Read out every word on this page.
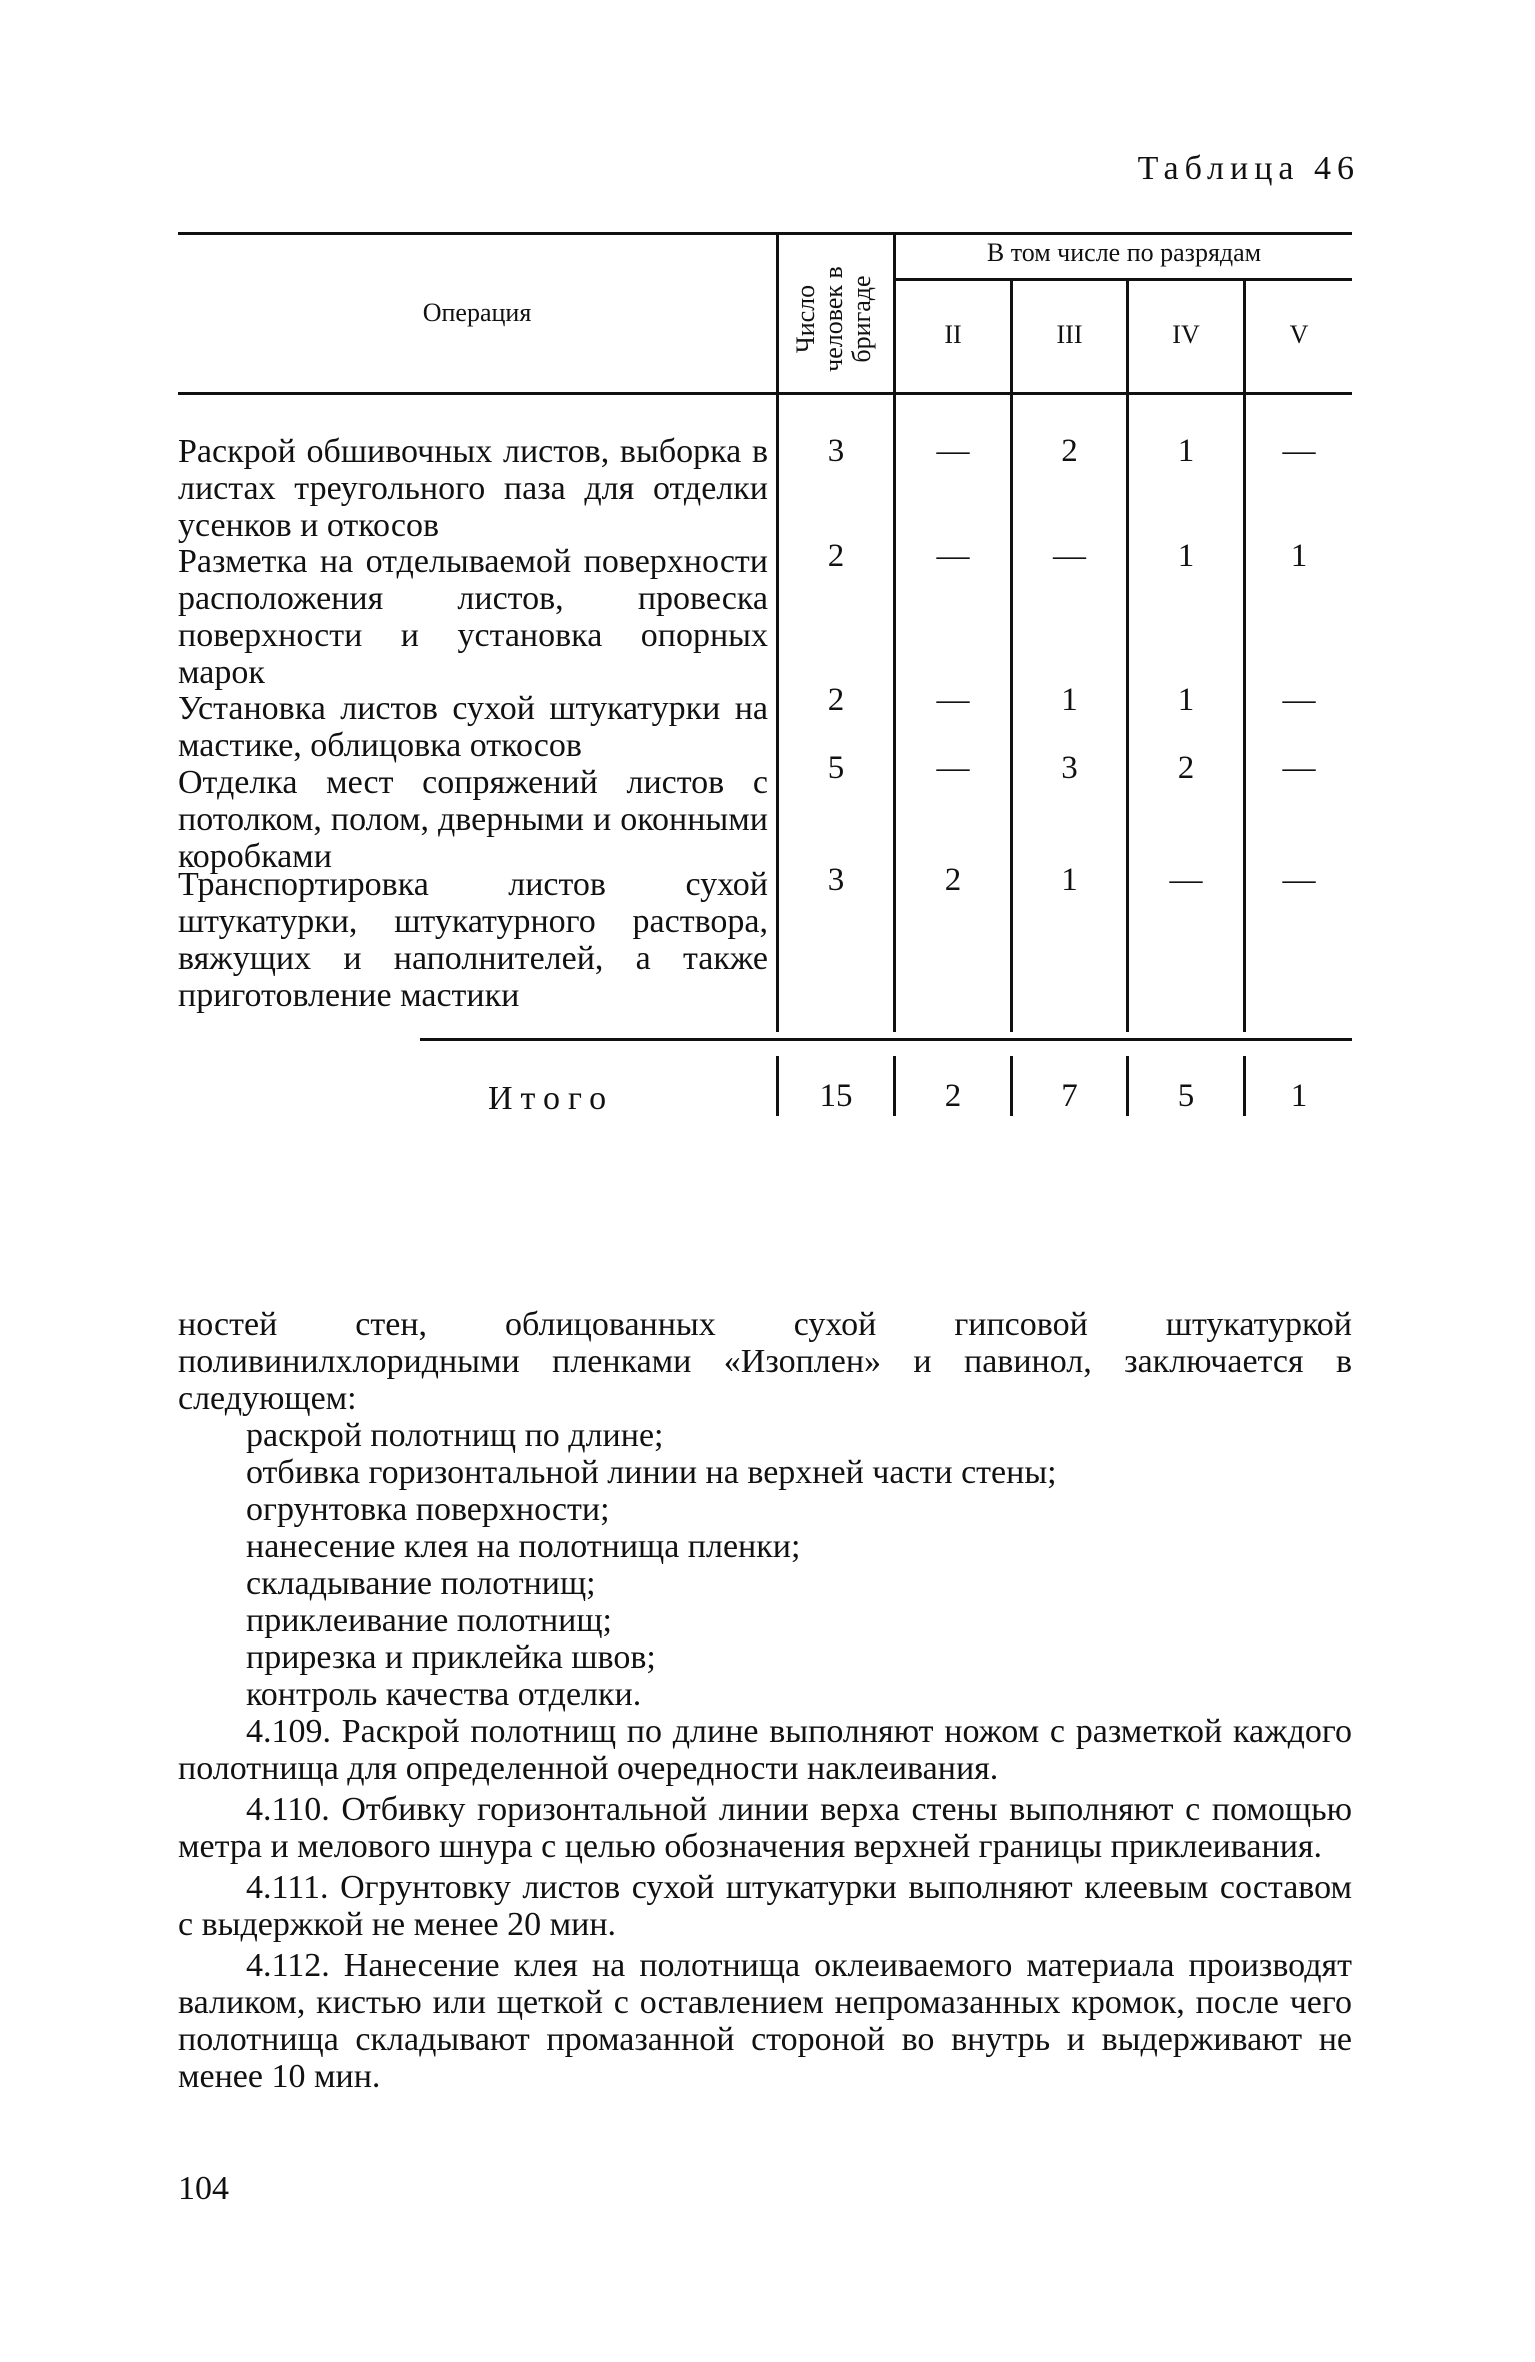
Таблица 46
Операция	Число человек в бригаде
В том числе по разрядам
II	III	IV	V
Раскрой обшивочных листов, выборка в листах треугольного паза для отделки усенков и откосов
3	—	2	1	—
Разметка на отделываемой поверхности расположения листов, провеска поверхности и установка опорных марок
2	—	—	1	1
Установка листов сухой штукатурки на мастике, облицовка откосов
2	—	1	1	—
Отделка мест сопряжений листов с потолком, полом, дверными и оконными коробками
5	—	3	2	—
Транспортировка листов сухой штукатурки, штукатурного раствора, вяжущих и наполнителей, а также приготовление мастики
3	2	1	—	—
Итого	15	2	7	5	1

ностей стен, облицованных сухой гипсовой штукатуркой поливинилхлоридными пленками «Изоплен» и павинол, заключается в следующем:

раскрой полотнищ по длине;

отбивка горизонтальной линии на верхней части стены;

огрунтовка поверхности;

нанесение клея на полотнища пленки;

складывание полотнищ;

приклеивание полотнищ;

прирезка и приклейка швов;

контроль качества отделки.

4.109. Раскрой полотнищ по длине выполняют ножом с разметкой каждого полотнища для определенной очередности наклеивания.

4.110. Отбивку горизонтальной линии верха стены выполняют с помощью метра и мелового шнура с целью обозначения верхней границы приклеивания.

4.111. Огрунтовку листов сухой штукатурки выполняют клеевым составом с выдержкой не менее 20 мин.

4.112. Нанесение клея на полотнища оклеиваемого материала производят валиком, кистью или щеткой с оставлением непромазанных кромок, после чего полотнища складывают промазанной стороной во внутрь и выдерживают не менее 10 мин.

104
